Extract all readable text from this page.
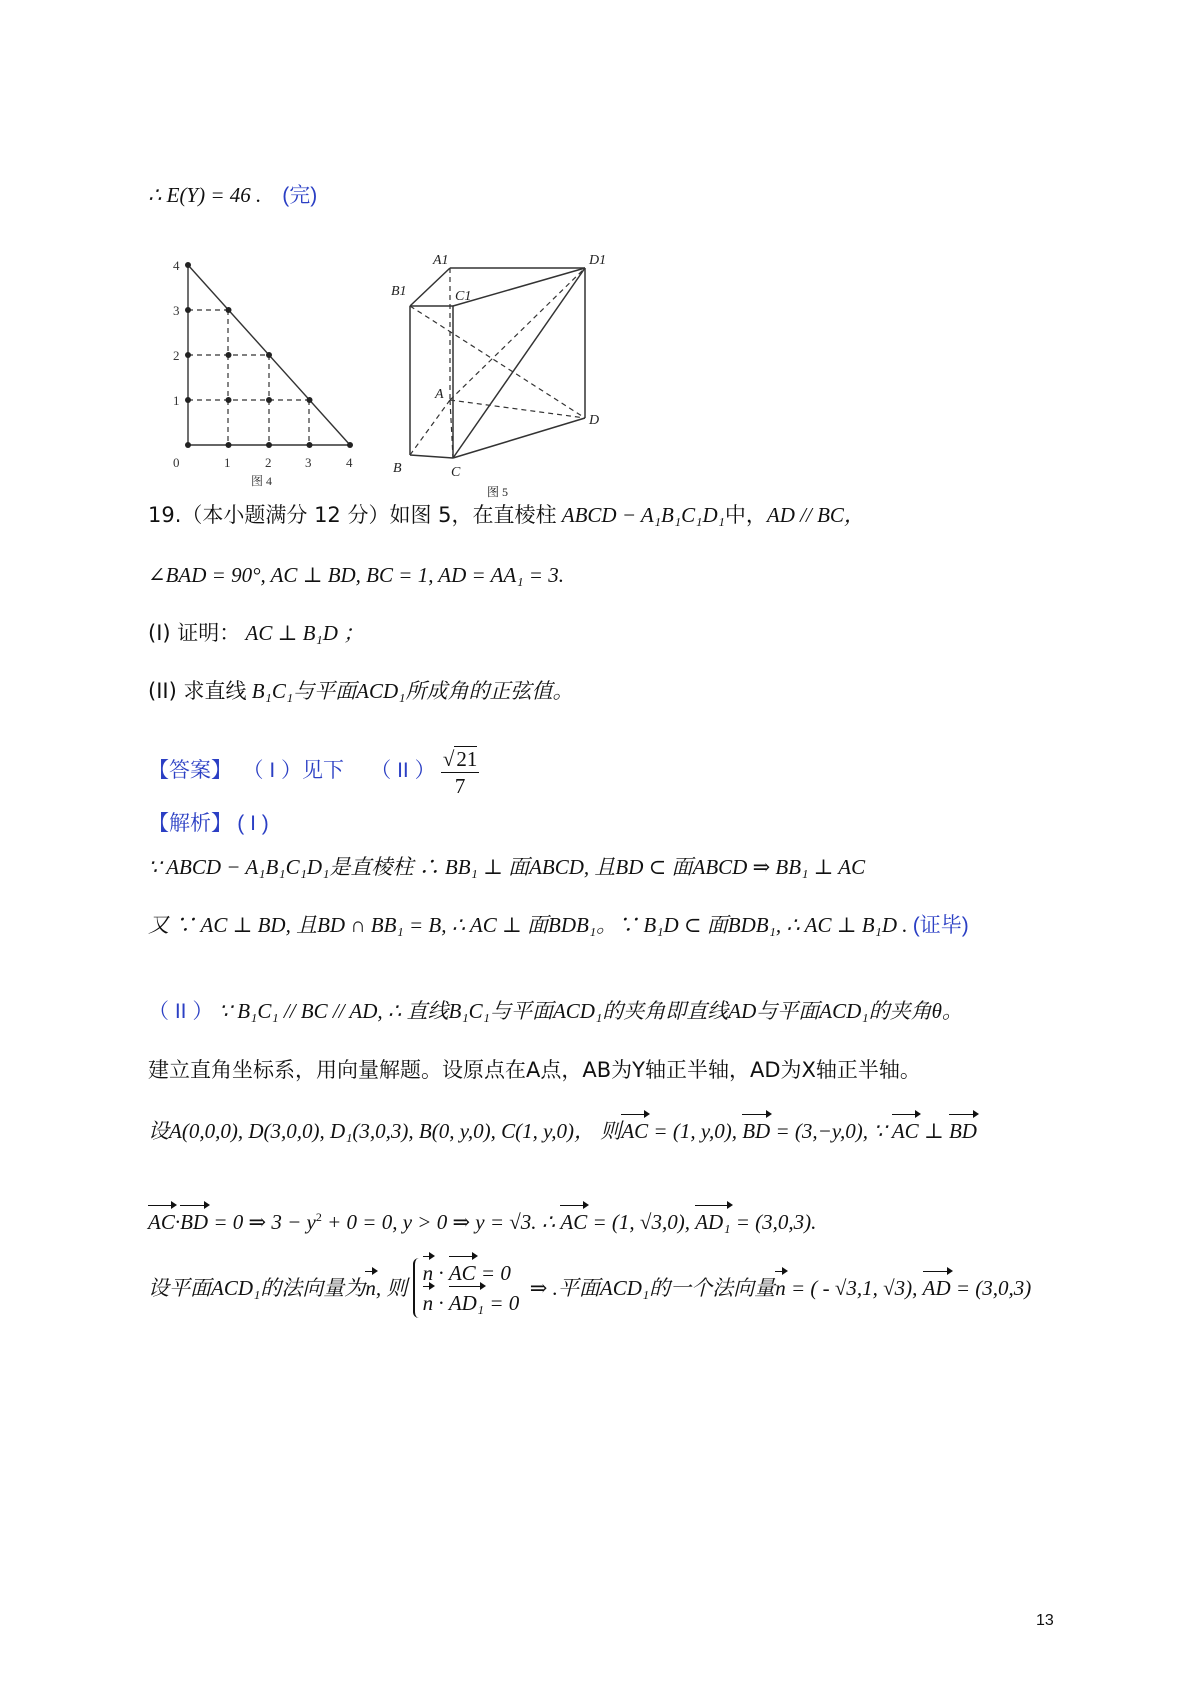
∴ E(Y) = 46 . (完)
0	1	2	3	4
1
2
3
4
图 4
A1	D1
B1	C1
A
D
B	C
图 5
19.（本小题满分 12 分）如图 5，在直棱柱 ABCD − A₁B₁C₁D₁中，AD // BC，
∠BAD = 90°, AC ⊥ BD, BC = 1, AD = AA₁ = 3.
(I) 证明： AC ⊥ B₁D ；
(II) 求直线 B₁C₁与平面ACD₁所成角的正弦值。
【答案】 （ I ）见下 （ II ） $\frac{√21}{7}$
【解析】 ( I )
∵ ABCD − A₁B₁C₁D₁是直棱柱 ∴ BB₁ ⊥ 面ABCD, 且BD ⊂ 面ABCD ⇒ BB₁ ⊥ AC
又 ∵ AC ⊥ BD, 且BD ∩ BB₁ = B, ∴ AC ⊥ 面BDB₁。∵ B₁D ⊂ 面BDB₁, ∴ AC ⊥ B₁D . (证毕)
（ II ） ∵ B₁C₁ // BC // AD, ∴ 直线B₁C₁与平面ACD₁的夹角即直线AD与平面ACD₁的夹角θ。
建立直角坐标系，用向量解题。设原点在A点，AB为Y轴正半轴，AD为X轴正半轴。
设A(0,0,0), D(3,0,0), D₁(3,0,3), B(0, y,0), C(1, y,0)， 则AC = (1, y,0), BD = (3,−y,0), ∵ AC ⊥ BD
AC·BD = 0 ⇒ $3 - y^2 + 0 = 0$, y > 0 ⇒ y = √3. ∴ AC = (1, √3,0), AD₁ = (3,0,3).
设平面ACD₁的法向量为n, 则
n · AC = 0
n · AD₁ = 0
⇒ .平面ACD₁的一个法向量n = ( - √3,1, √3), AD = (3,0,3)
13
